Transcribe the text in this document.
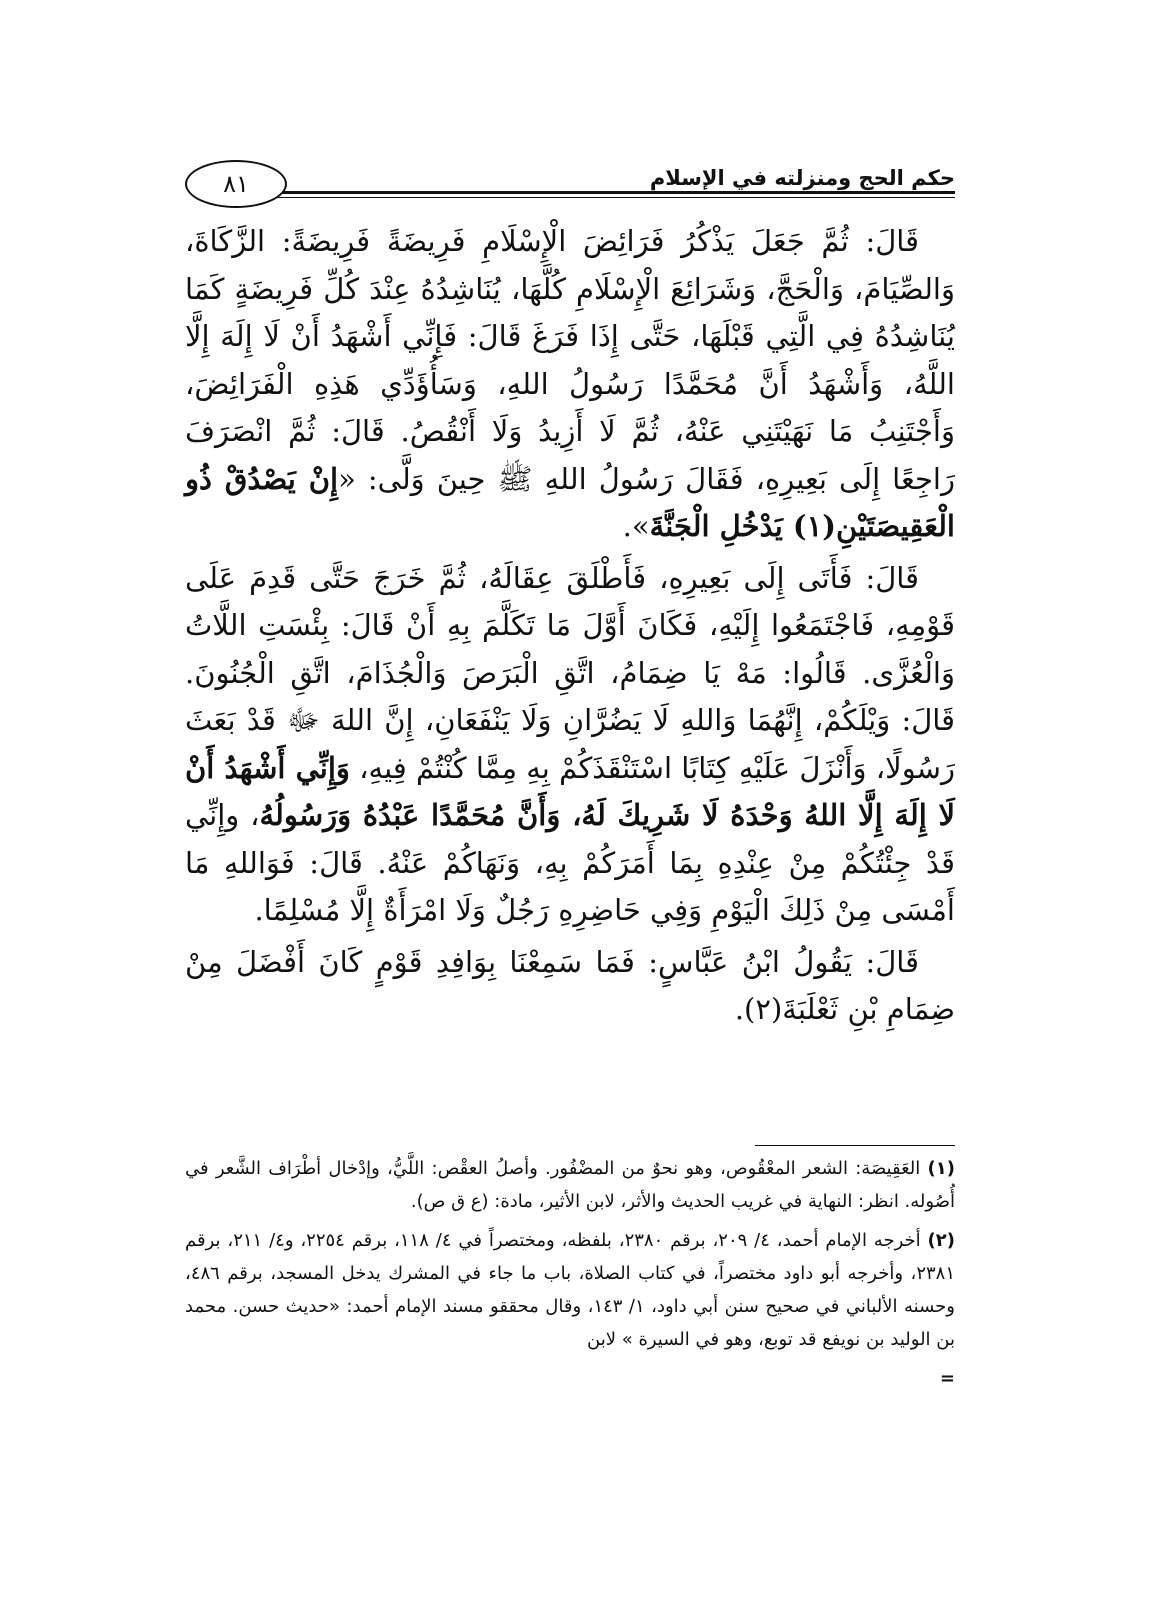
حكم الحج ومنزلته في الإسلام
٨١

قَالَ: ثُمَّ جَعَلَ يَذْكُرُ فَرَائِضَ الْإِسْلَامِ فَرِيضَةً فَرِيضَةً: الزَّكَاةَ، وَالصِّيَامَ، وَالْحَجَّ، وَشَرَائِعَ الْإِسْلَامِ كُلَّهَا، يُنَاشِدُهُ عِنْدَ كُلِّ فَرِيضَةٍ كَمَا يُنَاشِدُهُ فِي الَّتِي قَبْلَهَا، حَتَّى إِذَا فَرَغَ قَالَ: فَإِنِّي أَشْهَدُ أَنْ لَا إِلَهَ إِلَّا اللَّهُ، وَأَشْهَدُ أَنَّ مُحَمَّدًا رَسُولُ اللهِ، وَسَأُؤَدِّي هَذِهِ الْفَرَائِضَ، وَأَجْتَنِبُ مَا نَهَيْتَنِي عَنْهُ، ثُمَّ لَا أَزِيدُ وَلَا أَنْقُصُ. قَالَ: ثُمَّ انْصَرَفَ رَاجِعًا إِلَى بَعِيرِهِ، فَقَالَ رَسُولُ اللهِ ﷺ حِينَ وَلَّى: «إِنْ يَصْدُقْ ذُو الْعَقِيصَتَيْنِ(١) يَدْخُلِ الْجَنَّةَ».

قَالَ: فَأَتَى إِلَى بَعِيرِهِ، فَأَطْلَقَ عِقَالَهُ، ثُمَّ خَرَجَ حَتَّى قَدِمَ عَلَى قَوْمِهِ، فَاجْتَمَعُوا إِلَيْهِ، فَكَانَ أَوَّلَ مَا تَكَلَّمَ بِهِ أَنْ قَالَ: بِئْسَتِ اللَّاتُ وَالْعُزَّى. قَالُوا: مَهْ يَا ضِمَامُ، اتَّقِ الْبَرَصَ وَالْجُذَامَ، اتَّقِ الْجُنُونَ. قَالَ: وَيْلَكُمْ، إِنَّهُمَا وَاللهِ لَا يَضُرَّانِ وَلَا يَنْفَعَانِ، إِنَّ اللهَ ﷻ قَدْ بَعَثَ رَسُولًا، وَأَنْزَلَ عَلَيْهِ كِتَابًا اسْتَنْقَذَكُمْ بِهِ مِمَّا كُنْتُمْ فِيهِ، وَإِنِّي أَشْهَدُ أَنْ لَا إِلَهَ إِلَّا اللهُ وَحْدَهُ لَا شَرِيكَ لَهُ، وَأَنَّ مُحَمَّدًا عَبْدُهُ وَرَسُولُهُ، وإِنِّي قَدْ جِئْتُكُمْ مِنْ عِنْدِهِ بِمَا أَمَرَكُمْ بِهِ، وَنَهَاكُمْ عَنْهُ. قَالَ: فَوَاللهِ مَا أَمْسَى مِنْ ذَلِكَ الْيَوْمِ وَفِي حَاضِرِهِ رَجُلٌ وَلَا امْرَأَةٌ إِلَّا مُسْلِمًا.

قَالَ: يَقُولُ ابْنُ عَبَّاسٍ: فَمَا سَمِعْنَا بِوَافِدِ قَوْمٍ كَانَ أَفْضَلَ مِنْ ضِمَامِ بْنِ ثَعْلَبَةَ(٢).

(١) العَقِيصَة: الشعر المعْقُوص، وهو نحوٌ من المضْفُور. وأصلُ العقْص: اللَّيُّ، وإدْخال أطْرَاف الشَّعر في أُصُوله. انظر: النهاية في غريب الحديث والأثر، لابن الأثير، مادة: (ع ق ص).

(٢) أخرجه الإمام أحمد، ٤/ ٢٠٩، برقم ٢٣٨٠، بلفظه، ومختصراً في ٤/ ١١٨، برقم ٢٢٥٤، و٤/ ٢١١، برقم ٢٣٨١، وأخرجه أبو داود مختصراً، في كتاب الصلاة، باب ما جاء في المشرك يدخل المسجد، برقم ٤٨٦، وحسنه الألباني في صحيح سنن أبي داود، ١/ ١٤٣، وقال محققو مسند الإمام أحمد: «حديث حسن. محمد بن الوليد بن نويفع قد توبع، وهو في السيرة » لابن

=
